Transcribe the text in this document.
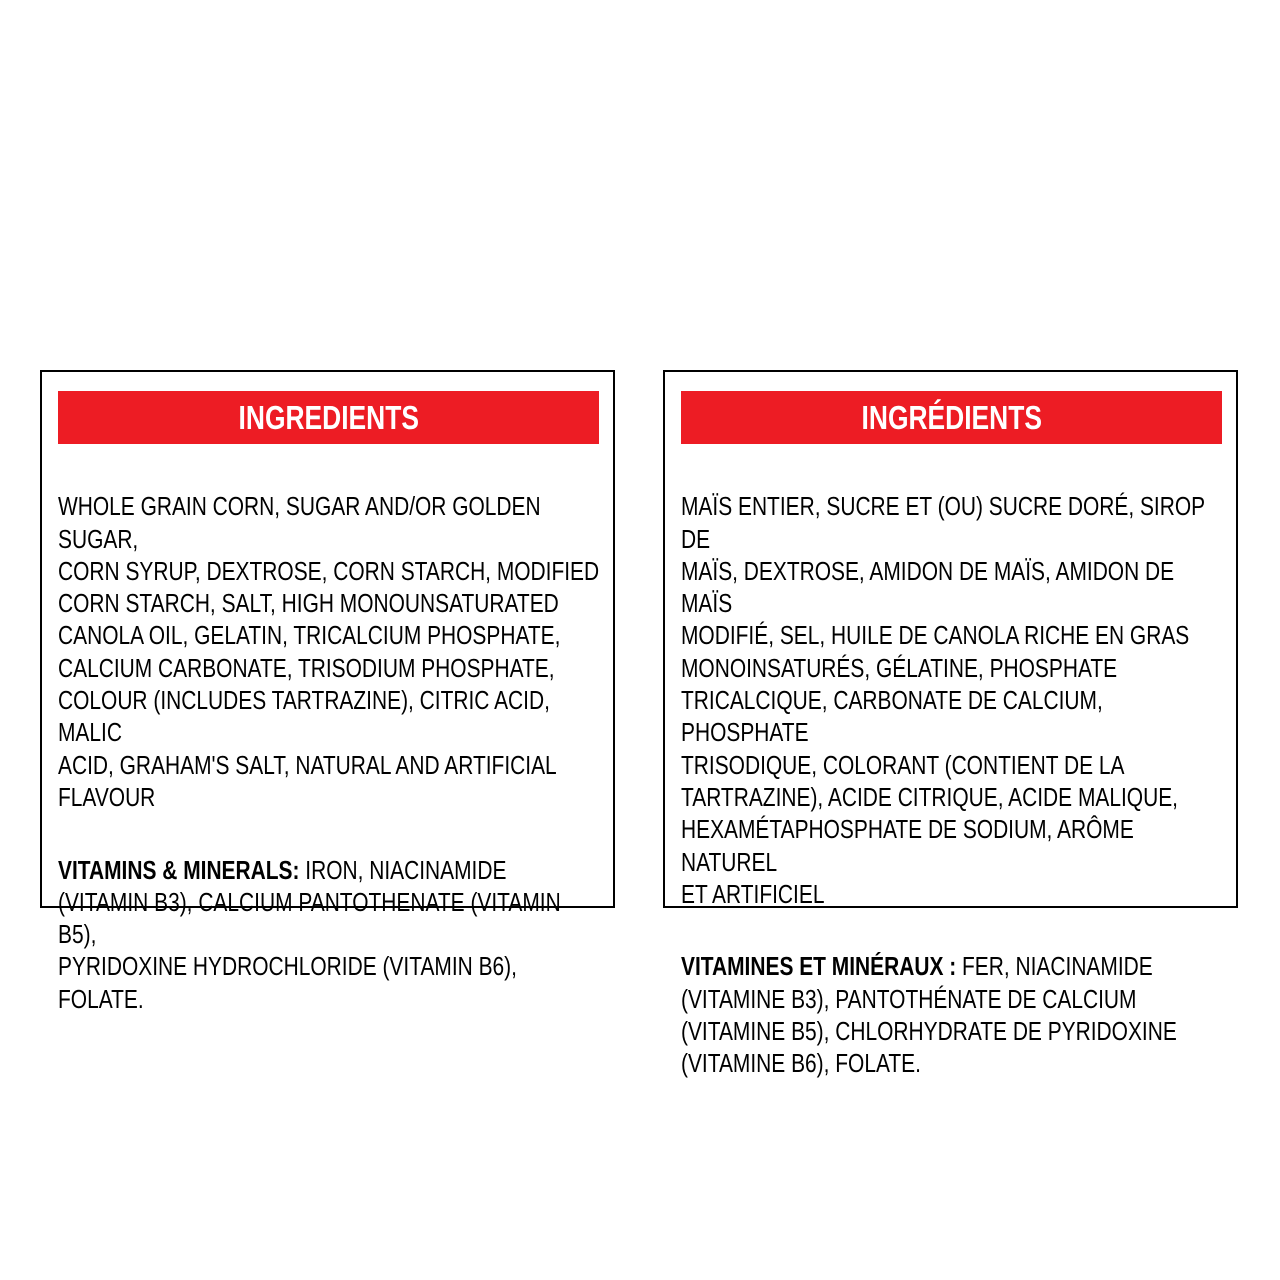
INGREDIENTS

WHOLE GRAIN CORN, SUGAR AND/OR GOLDEN SUGAR,
CORN SYRUP, DEXTROSE, CORN STARCH, MODIFIED
CORN STARCH, SALT, HIGH MONOUNSATURATED
CANOLA OIL, GELATIN, TRICALCIUM PHOSPHATE,
CALCIUM CARBONATE, TRISODIUM PHOSPHATE,
COLOUR (INCLUDES TARTRAZINE), CITRIC ACID, MALIC
ACID, GRAHAM'S SALT, NATURAL AND ARTIFICIAL
FLAVOUR

VITAMINS & MINERALS: IRON, NIACINAMIDE
(VITAMIN B3), CALCIUM PANTOTHENATE (VITAMIN B5),
PYRIDOXINE HYDROCHLORIDE (VITAMIN B6), FOLATE.

INGRÉDIENTS

MAÏS ENTIER, SUCRE ET (OU) SUCRE DORÉ, SIROP DE
MAÏS, DEXTROSE, AMIDON DE MAÏS, AMIDON DE MAÏS
MODIFIÉ, SEL, HUILE DE CANOLA RICHE EN GRAS
MONOINSATURÉS, GÉLATINE, PHOSPHATE
TRICALCIQUE, CARBONATE DE CALCIUM, PHOSPHATE
TRISODIQUE, COLORANT (CONTIENT DE LA
TARTRAZINE), ACIDE CITRIQUE, ACIDE MALIQUE,
HEXAMÉTAPHOSPHATE DE SODIUM, ARÔME NATUREL
ET ARTIFICIEL

VITAMINES ET MINÉRAUX : FER, NIACINAMIDE
(VITAMINE B3), PANTOTHÉNATE DE CALCIUM
(VITAMINE B5), CHLORHYDRATE DE PYRIDOXINE
(VITAMINE B6), FOLATE.
